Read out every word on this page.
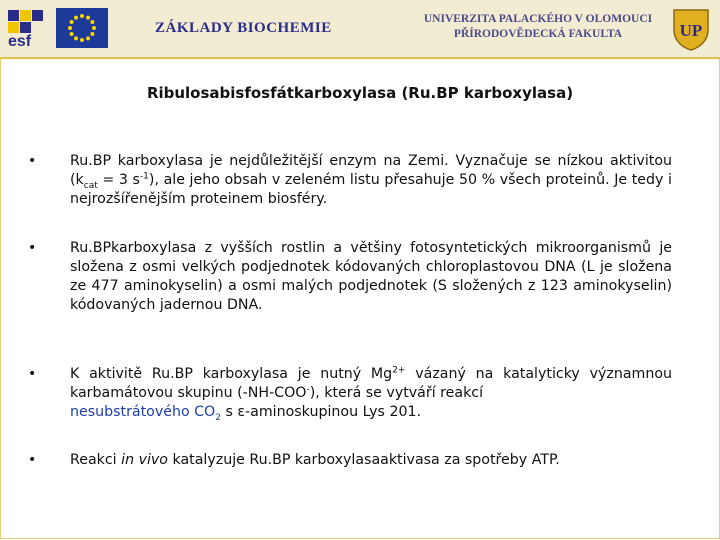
esf
ZÁKLADY BIOCHEMIE
UNIVERZITA PALACKÉHO V OLOMOUCI
PŘÍRODOVĚDECKÁ FAKULTA	UP
Ribulosabisfosfátkarboxylasa (Ru.BP karboxylasa)
• Ru.BP karboxylasa je nejdůležitější enzym na Zemi. Vyznačuje se nízkou aktivitou ($k_{cat} = 3$ $s^{-1}$), ale jeho obsah v zeleném listu přesahuje 50 % všech proteinů. Je tedy i nejrozšířenějším proteinem biosféry.

• Ru.BPkarboxylasa z vyšších rostlin a většiny fotosyntetických mikroorganismů je složena z osmi velkých podjednotek kódovaných chloroplastovou DNA (L je složena ze 477 aminokyselin) a osmi malých podjednotek (S složených z 123 aminokyselin) kódovaných jadernou DNA.

• K aktivitě Ru.BP karboxylasa je nutný $Mg^{2+}$ vázaný na katalyticky významnou karbamátovou skupinu (-NH-COO-), která se vytváří reakcí
nesubstrátového $CO_2$ s ε-aminoskupinou Lys 201.

• Reakci in vivo katalyzuje Ru.BP karboxylasaaktivasa za spotřeby ATP.
